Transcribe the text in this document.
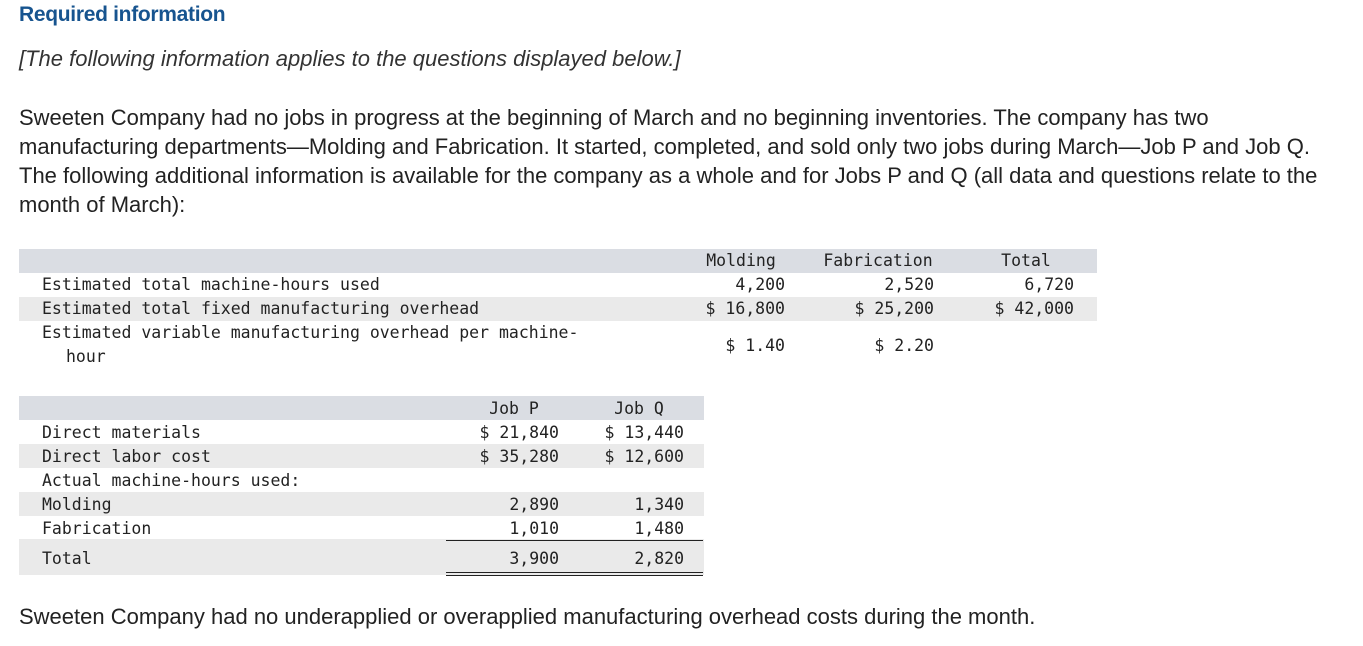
Required information
[The following information applies to the questions displayed below.]
Sweeten Company had no jobs in progress at the beginning of March and no beginning inventories. The company has two manufacturing departments—Molding and Fabrication. It started, completed, and sold only two jobs during March—Job P and Job Q. The following additional information is available for the company as a whole and for Jobs P and Q (all data and questions relate to the month of March):
Molding	Fabrication	Total
Estimated total machine-hours used	4,200	2,520	6,720
Estimated total fixed manufacturing overhead	$ 16,800	$ 25,200	$ 42,000
Estimated variable manufacturing overhead per machine-
hour
$ 1.40	$ 2.20
Job P	Job Q
Direct materials	$ 21,840	$ 13,440
Direct labor cost	$ 35,280	$ 12,600
Actual machine-hours used:
Molding	2,890	1,340
Fabrication	1,010	1,480
Total	3,900	2,820
Sweeten Company had no underapplied or overapplied manufacturing overhead costs during the month.
